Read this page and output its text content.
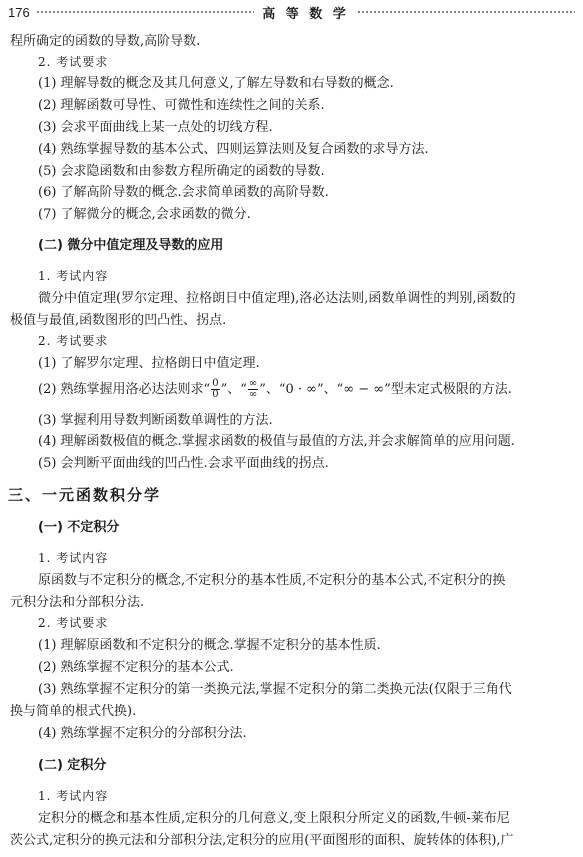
176	高 等 数 学
程所确定的函数的导数,高阶导数.
2. 考试要求
(1) 理解导数的概念及其几何意义,了解左导数和右导数的概念.
(2) 理解函数可导性、可微性和连续性之间的关系.
(3) 会求平面曲线上某一点处的切线方程.
(4) 熟练掌握导数的基本公式、四则运算法则及复合函数的求导方法.
(5) 会求隐函数和由参数方程所确定的函数的导数.
(6) 了解高阶导数的概念.会求简单函数的高阶导数.
(7) 了解微分的概念,会求函数的微分.
(二) 微分中值定理及导数的应用
1. 考试内容
微分中值定理(罗尔定理、拉格朗日中值定理),洛必达法则,函数单调性的判别,函数的
极值与最值,函数图形的凹凸性、拐点.
2. 考试要求
(1) 了解罗尔定理、拉格朗日中值定理.
(2) 熟练掌握用洛必达法则求“ $\frac{0}{0}$ ”、“ $\frac{\infty}{\infty}$ ”、“0 · ∞”、“∞ − ∞”型未定式极限的方法.
(3) 掌握利用导数判断函数单调性的方法.
(4) 理解函数极值的概念.掌握求函数的极值与最值的方法,并会求解简单的应用问题.
(5) 会判断平面曲线的凹凸性.会求平面曲线的拐点.
三、一元函数积分学
(一) 不定积分
1. 考试内容
原函数与不定积分的概念,不定积分的基本性质,不定积分的基本公式,不定积分的换
元积分法和分部积分法.
2. 考试要求
(1) 理解原函数和不定积分的概念.掌握不定积分的基本性质.
(2) 熟练掌握不定积分的基本公式.
(3) 熟练掌握不定积分的第一类换元法,掌握不定积分的第二类换元法(仅限于三角代
换与简单的根式代换).
(4) 熟练掌握不定积分的分部积分法.
(二) 定积分
1. 考试内容
定积分的概念和基本性质,定积分的几何意义,变上限积分所定义的函数,牛顿-莱布尼
茨公式,定积分的换元法和分部积分法,定积分的应用(平面图形的面积、旋转体的体积),广
